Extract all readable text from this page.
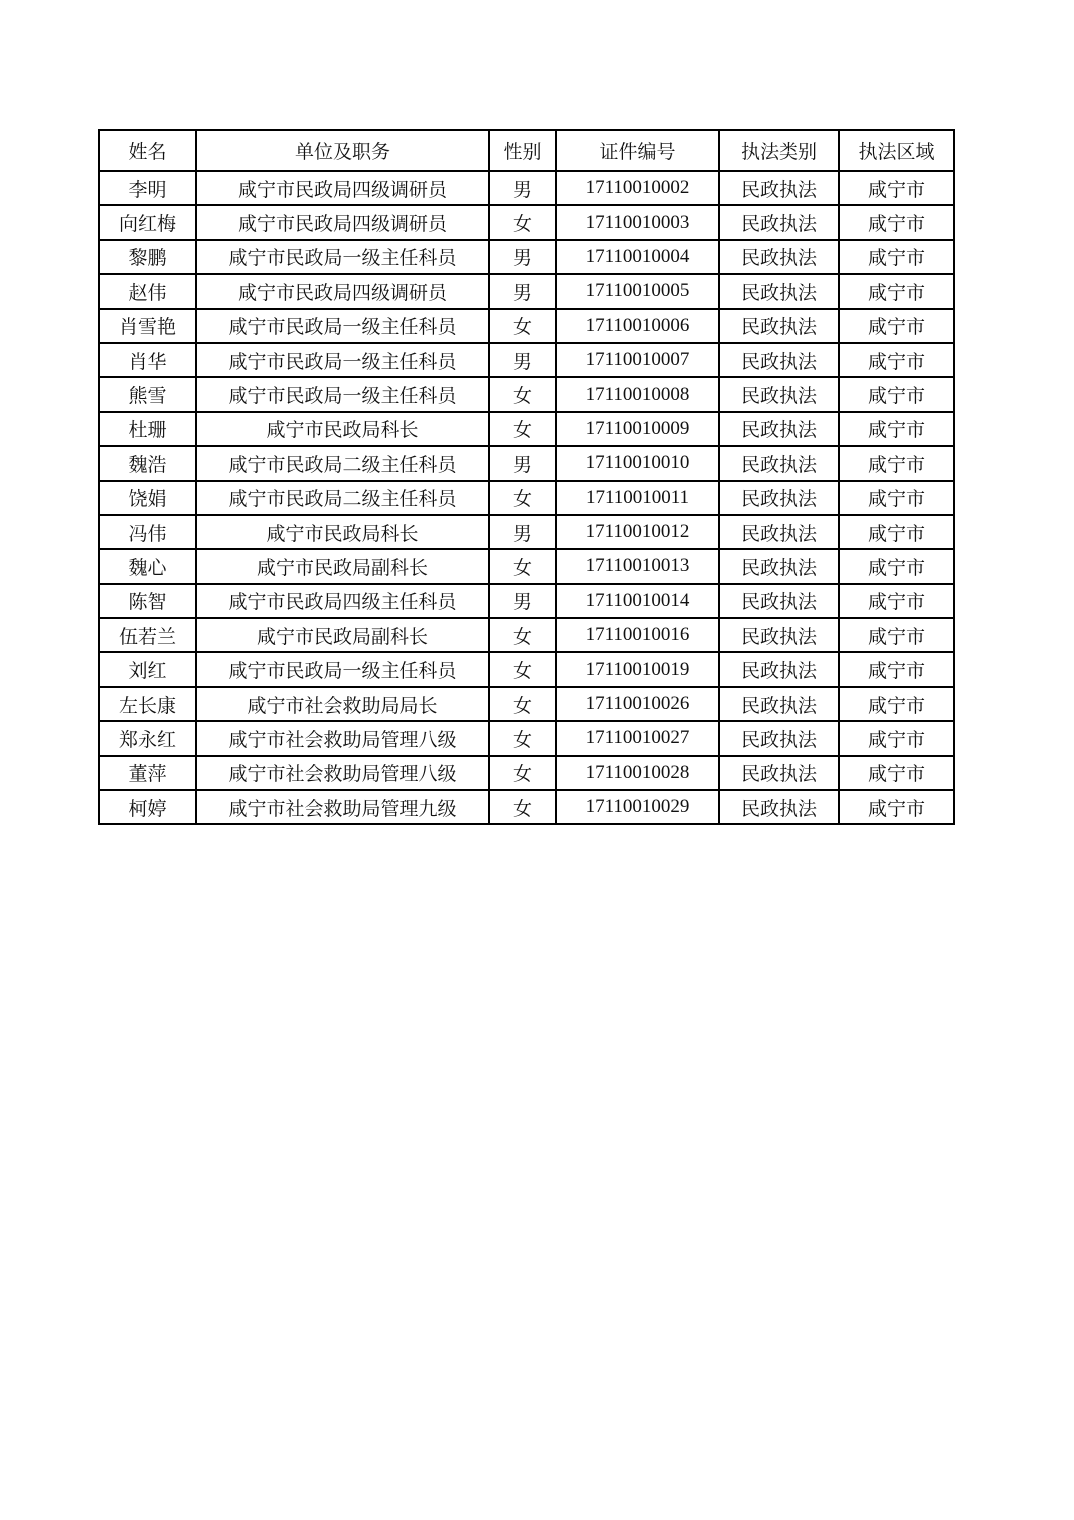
姓名	单位及职务	性别	证件编号	执法类别	执法区域
李明	咸宁市民政局四级调研员	男	17110010002	民政执法	咸宁市
向红梅	咸宁市民政局四级调研员	女	17110010003	民政执法	咸宁市
黎鹏	咸宁市民政局一级主任科员	男	17110010004	民政执法	咸宁市
赵伟	咸宁市民政局四级调研员	男	17110010005	民政执法	咸宁市
肖雪艳	咸宁市民政局一级主任科员	女	17110010006	民政执法	咸宁市
肖华	咸宁市民政局一级主任科员	男	17110010007	民政执法	咸宁市
熊雪	咸宁市民政局一级主任科员	女	17110010008	民政执法	咸宁市
杜珊	咸宁市民政局科长	女	17110010009	民政执法	咸宁市
魏浩	咸宁市民政局二级主任科员	男	17110010010	民政执法	咸宁市
饶娟	咸宁市民政局二级主任科员	女	17110010011	民政执法	咸宁市
冯伟	咸宁市民政局科长	男	17110010012	民政执法	咸宁市
魏心	咸宁市民政局副科长	女	17110010013	民政执法	咸宁市
陈智	咸宁市民政局四级主任科员	男	17110010014	民政执法	咸宁市
伍若兰	咸宁市民政局副科长	女	17110010016	民政执法	咸宁市
刘红	咸宁市民政局一级主任科员	女	17110010019	民政执法	咸宁市
左长康	咸宁市社会救助局局长	女	17110010026	民政执法	咸宁市
郑永红	咸宁市社会救助局管理八级	女	17110010027	民政执法	咸宁市
董萍	咸宁市社会救助局管理八级	女	17110010028	民政执法	咸宁市
柯婷	咸宁市社会救助局管理九级	女	17110010029	民政执法	咸宁市
